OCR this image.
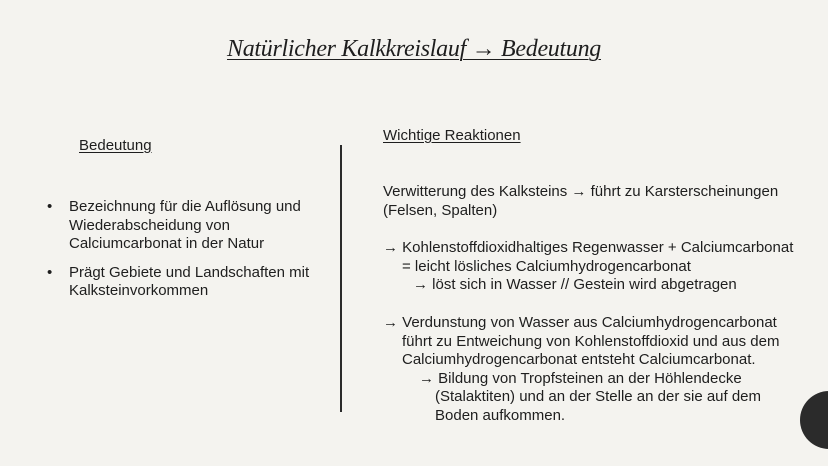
Natürlicher Kalkkreislauf → Bedeutung
Bedeutung
• Bezeichnung für die Auflösung und
Wiederabscheidung von
Calciumcarbonat in der Natur
• Prägt Gebiete und Landschaften mit
Kalksteinvorkommen
Wichtige Reaktionen
Verwitterung des Kalksteins → führt zu Karsterscheinungen
(Felsen, Spalten)
→ Kohlenstoffdioxidhaltiges Regenwasser + Calciumcarbonat
= leicht lösliches Calciumhydrogencarbonat
→ löst sich in Wasser // Gestein wird abgetragen
→ Verdunstung von Wasser aus Calciumhydrogencarbonat
führt zu Entweichung von Kohlenstoffdioxid und aus dem
Calciumhydrogencarbonat entsteht Calciumcarbonat.
→ Bildung von Tropfsteinen an der Höhlendecke
(Stalaktiten) und an der Stelle an der sie auf dem
Boden aufkommen.
